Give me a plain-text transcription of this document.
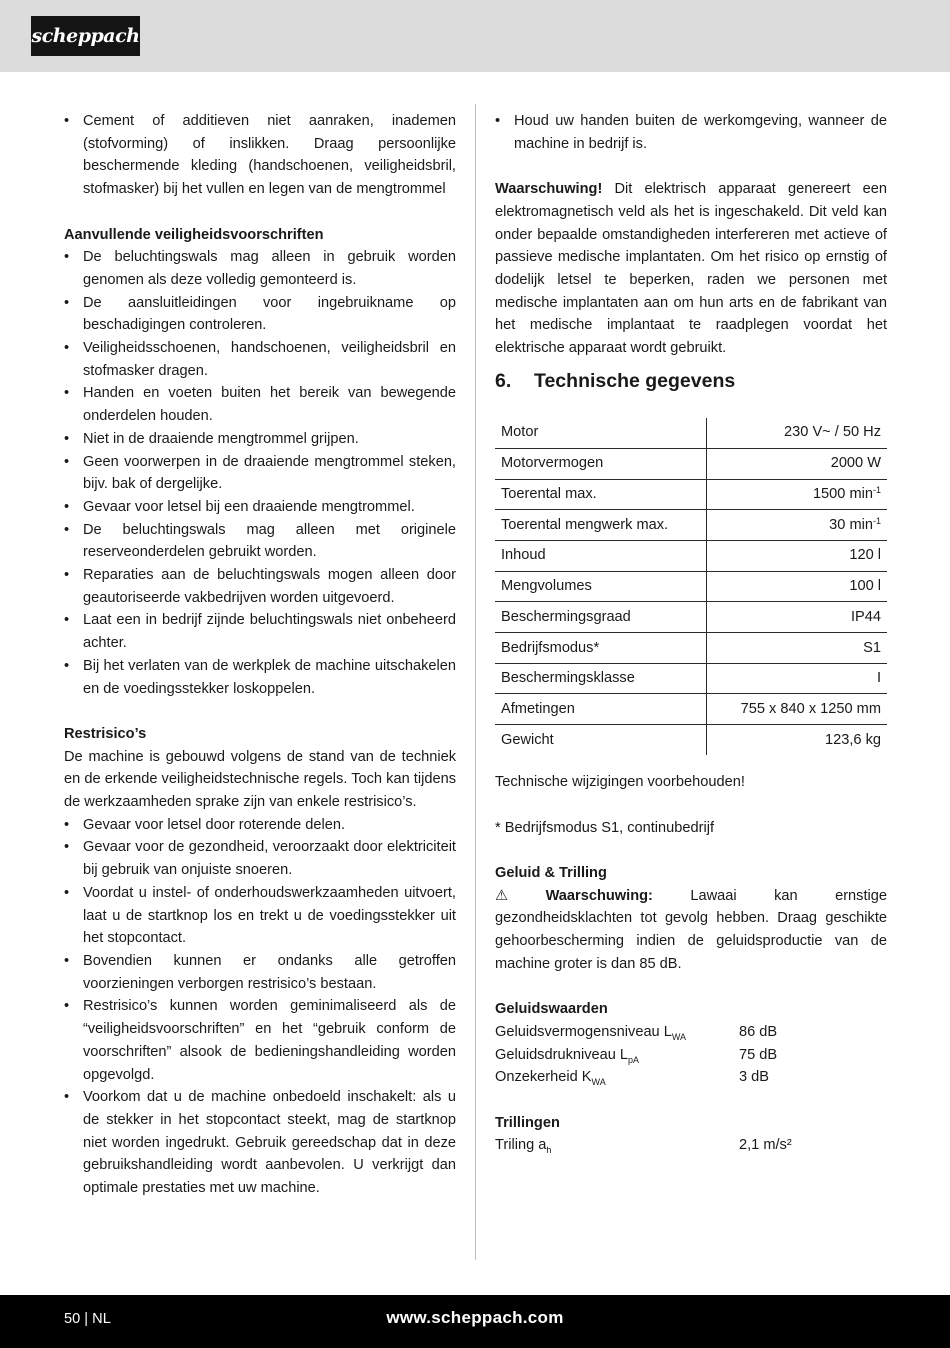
scheppach
• Cement of additieven niet aanraken, inademen (stofvorming) of inslikken. Draag persoonlijke beschermende kleding (handschoenen, veiligheidsbril, stofmasker) bij het vullen en legen van de mengtrommel
Aanvullende veiligheidsvoorschriften
• De beluchtingswals mag alleen in gebruik worden genomen als deze volledig gemonteerd is.
• De aansluitleidingen voor ingebruikname op beschadigingen controleren.
• Veiligheidsschoenen, handschoenen, veiligheidsbril en stofmasker dragen.
• Handen en voeten buiten het bereik van bewegende onderdelen houden.
• Niet in de draaiende mengtrommel grijpen.
• Geen voorwerpen in de draaiende mengtrommel steken, bijv. bak of dergelijke.
• Gevaar voor letsel bij een draaiende mengtrommel.
• De beluchtingswals mag alleen met originele reserveonderdelen gebruikt worden.
• Reparaties aan de beluchtingswals mogen alleen door geautoriseerde vakbedrijven worden uitgevoerd.
• Laat een in bedrijf zijnde beluchtingswals niet onbeheerd achter.
• Bij het verlaten van de werkplek de machine uitschakelen en de voedingsstekker loskoppelen.
Restrisico’s

De machine is gebouwd volgens de stand van de techniek en de erkende veiligheidstechnische regels. Toch kan tijdens de werkzaamheden sprake zijn van enkele restrisico’s.

• Gevaar voor letsel door roterende delen.
• Gevaar voor de gezondheid, veroorzaakt door elektriciteit bij gebruik van onjuiste snoeren.
• Voordat u instel- of onderhoudswerkzaamheden uitvoert, laat u de startknop los en trekt u de voedingsstekker uit het stopcontact.
• Bovendien kunnen er ondanks alle getroffen voorzieningen verborgen restrisico’s bestaan.
• Restrisico’s kunnen worden geminimaliseerd als de “veiligheidsvoorschriften” en het “gebruik conform de voorschriften” alsook de bedieningshandleiding worden opgevolgd.
• Voorkom dat u de machine onbedoeld inschakelt: als u de stekker in het stopcontact steekt, mag de startknop niet worden ingedrukt. Gebruik gereedschap dat in deze gebruikshandleiding wordt aanbevolen. U verkrijgt dan optimale prestaties met uw machine.
• Houd uw handen buiten de werkomgeving, wanneer de machine in bedrijf is.

Waarschuwing! Dit elektrisch apparaat genereert een elektromagnetisch veld als het is ingeschakeld. Dit veld kan onder bepaalde omstandigheden interfereren met actieve of passieve medische implantaten. Om het risico op ernstig of dodelijk letsel te beperken, raden we personen met medische implantaten aan om hun arts en de fabrikant van het medische implantaat te raadplegen voordat het elektrische apparaat wordt gebruikt.

6. Technische gegevens
Motor	230 V~ / 50 Hz
Motorvermogen	2000 W
Toerental max.	1500 $\min^{-1}$
Toerental mengwerk max.	30 $\min^{-1}$
Inhoud	120 l
Mengvolumes	100 l
Beschermingsgraad	IP44
Bedrijfsmodus*	S1
Beschermingsklasse	I
Afmetingen	755 x 840 x 1250 mm
Gewicht	123,6 kg

Technische wijzigingen voorbehouden!

* Bedrijfsmodus S1, continubedrijf

Geluid & Trilling

⚠	Waarschuwing: Lawaai kan ernstige gezondheidsklachten tot gevolg hebben. Draag geschikte gehoorbescherming indien de geluidsproductie van de machine groter is dan 85 dB.

Geluidswaarden
Geluidsvermogensniveau $L_{WA}$	86 dB
Geluidsdrukniveau $L_{pA}$	75 dB
Onzekerheid $K_{WA}$	3 dB
Trillingen
Triling $a_h$	2,1 m/s²
50 | NL	www.scheppach.com
